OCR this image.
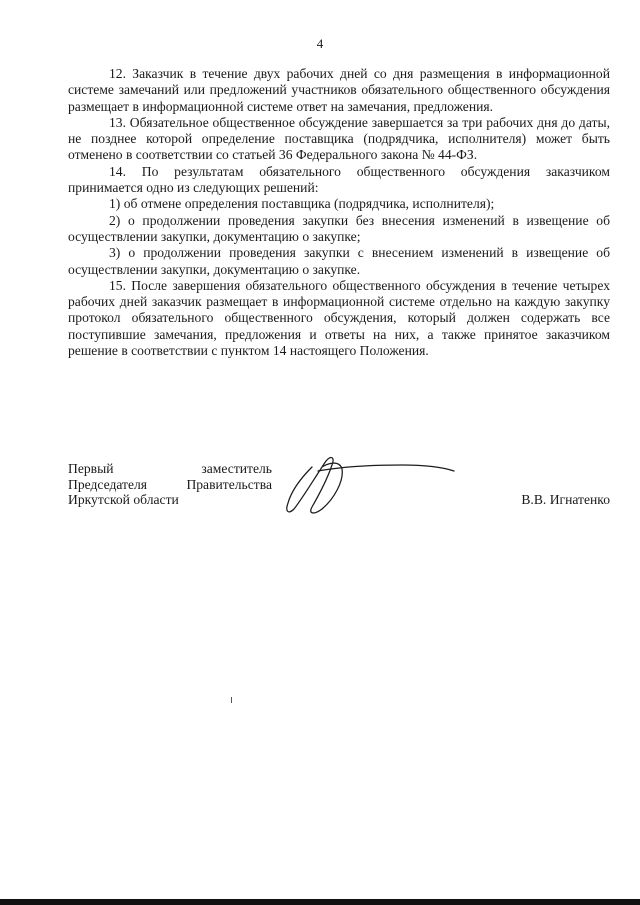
4

12. Заказчик в течение двух рабочих дней со дня размещения в информационной системе замечаний или предложений участников обязательного общественного обсуждения размещает в информационной системе ответ на замечания, предложения.

13. Обязательное общественное обсуждение завершается за три рабочих дня до даты, не позднее которой определение поставщика (подрядчика, исполнителя) может быть отменено в соответствии со статьей 36 Федерального закона № 44-ФЗ.

14. По результатам обязательного общественного обсуждения заказчиком принимается одно из следующих решений:

1) об отмене определения поставщика (подрядчика, исполнителя);

2) о продолжении проведения закупки без внесения изменений в извещение об осуществлении закупки, документацию о закупке;

3) о продолжении проведения закупки с внесением изменений в извещение об осуществлении закупки, документацию о закупке.

15. После завершения обязательного общественного обсуждения в течение четырех рабочих дней заказчик размещает в информационной системе отдельно на каждую закупку протокол обязательного общественного обсуждения, который должен содержать все поступившие замечания, предложения и ответы на них, а также принятое заказчиком решение в соответствии с пунктом 14 настоящего Положения.

Первый	заместитель
Председателя Правительства
Иркутской области	В.В. Игнатенко
